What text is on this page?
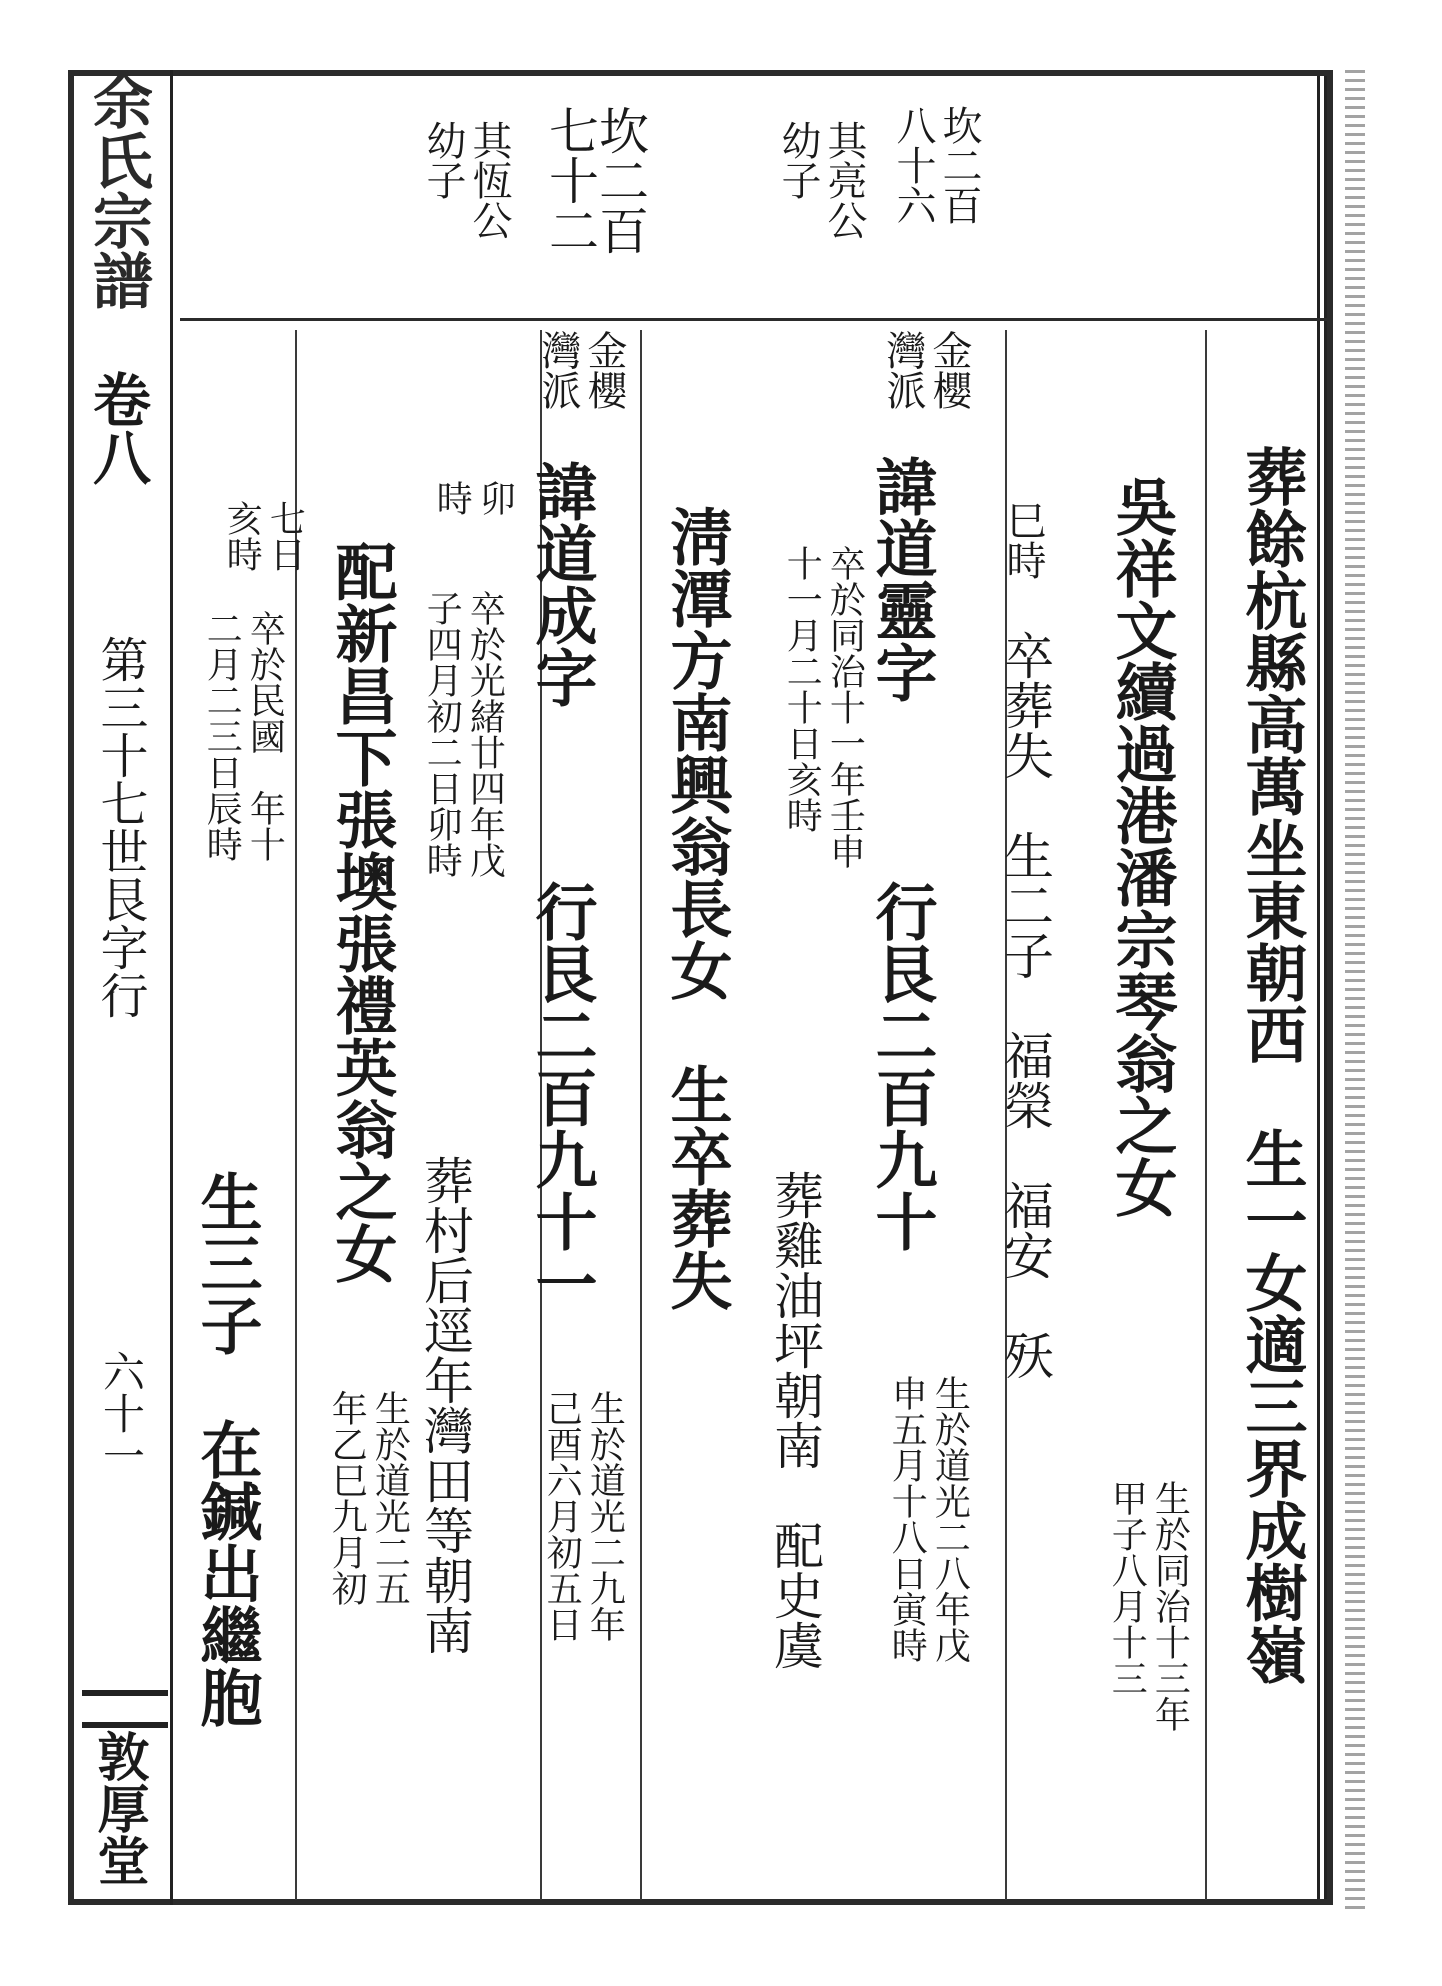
余氏宗譜
卷八
第三十七世艮字行
六十一
敦厚堂
坎二百
八十六
其亮公
幼子
坎二百
七十二
其恆公
幼子
葬餘杭縣高萬坐東朝西　生一女適三界成樹嶺
生於同治十三年
甲子八月十三
吳祥文
續過港潘宗琴翁之女
巳時
卒葬失　生二子　福榮　福安　殀
金櫻
灣派
諱道靈字
行艮二百九十
卒於同治十一年壬申
十一月二十日亥時
葬雞油坪朝南　配史虞	生於道光二八年戊
申五月十八日寅時
淸潭方南興翁長女　生卒葬失
金櫻
灣派
諱道成字
行艮二百九十一
卒於光緒廿四年戊
子四月初二日卯時
卯
時
葬村后逕年灣田等朝南	生於道光二九年
己酉六月初五日
配新昌下張墺張禮英翁之女
生於道光二五
年乙巳九月初
卒於民國　年十
二月二三日辰時
七日
亥時
生三子　在鍼出繼胞
